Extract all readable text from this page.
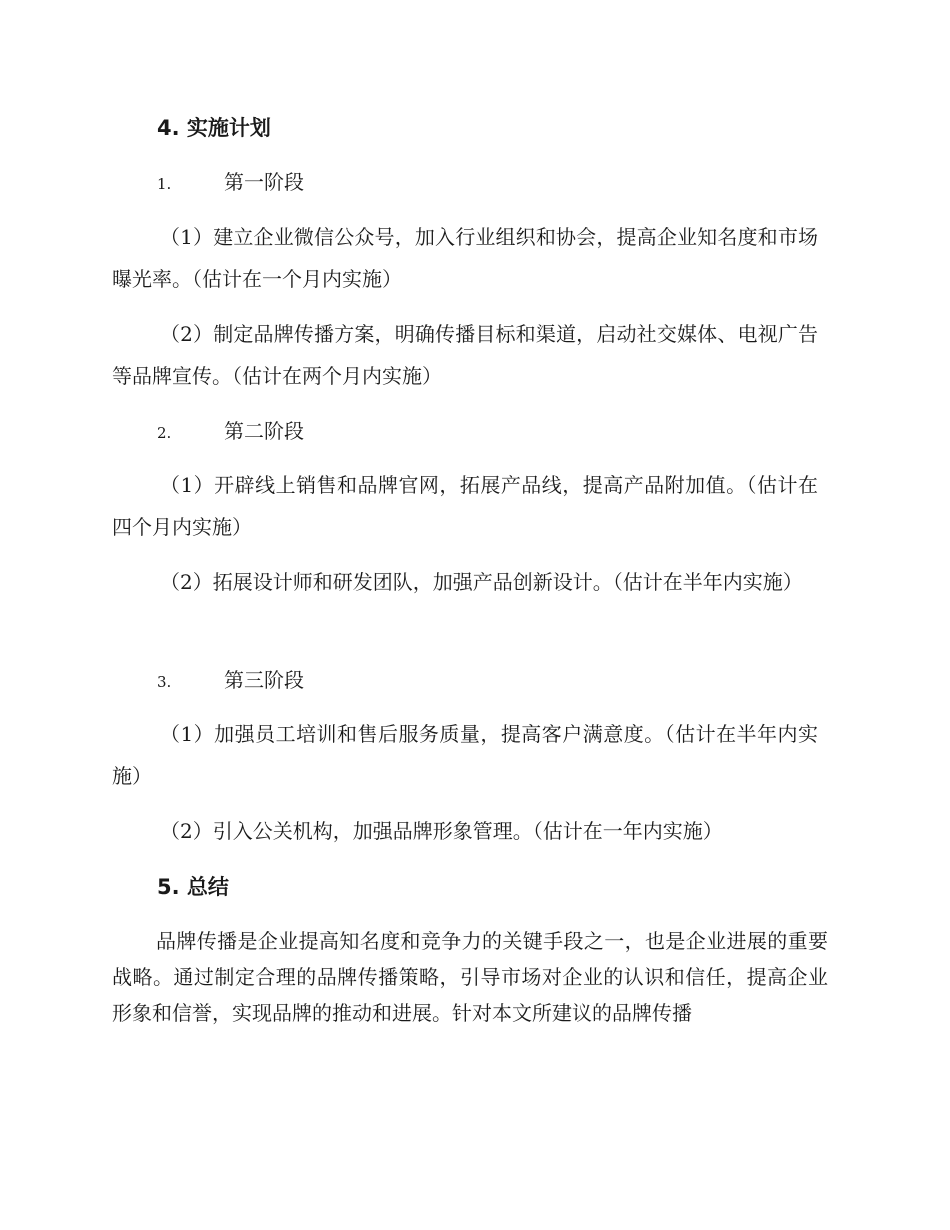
4. 实施计划
1.	第一阶段
（1）建立企业微信公众号，加入行业组织和协会，提高企业知名度和市场曝光率。（估计在一个月内实施）
（2）制定品牌传播方案，明确传播目标和渠道，启动社交媒体、电视广告等品牌宣传。（估计在两个月内实施）
2.	第二阶段
（1）开辟线上销售和品牌官网，拓展产品线，提高产品附加值。（估计在四个月内实施）
（2）拓展设计师和研发团队，加强产品创新设计。（估计在半年内实施）
3.	第三阶段
（1）加强员工培训和售后服务质量，提高客户满意度。（估计在半年内实施）
（2）引入公关机构，加强品牌形象管理。（估计在一年内实施）
5. 总结
品牌传播是企业提高知名度和竞争力的关键手段之一，也是企业进展的重要战略。通过制定合理的品牌传播策略，引导市场对企业的认识和信任，提高企业形象和信誉，实现品牌的推动和进展。针对本文所建议的品牌传播
